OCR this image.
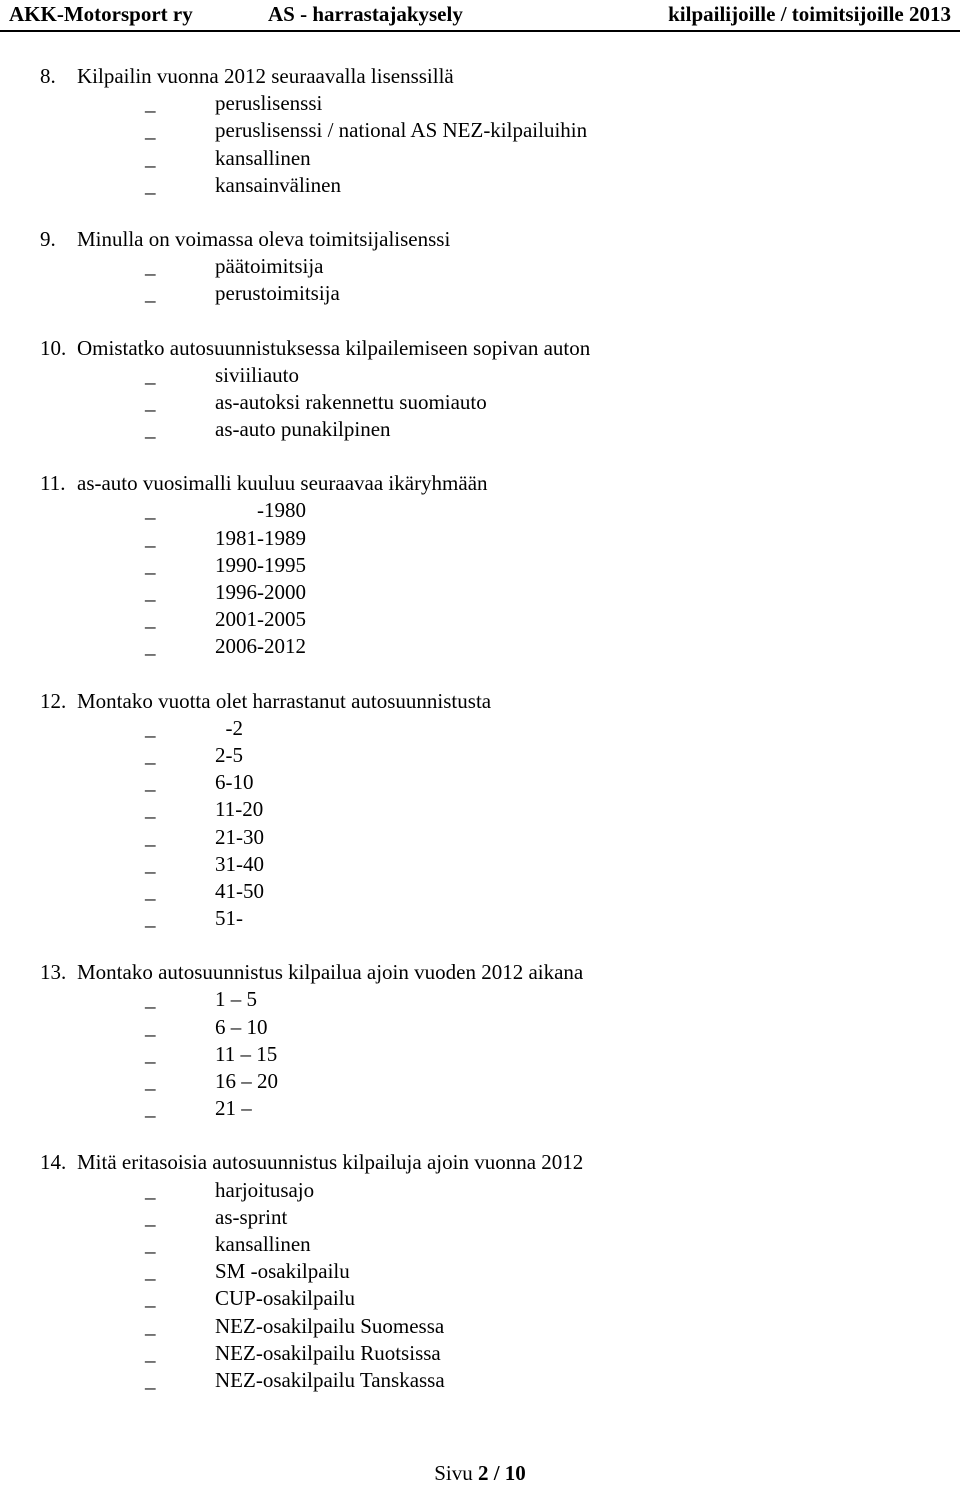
AKK-Motorsport ry	AS - harrastajakysely	kilpailijoille / toimitsijoille 2013
8. Kilpailin vuonna 2012 seuraavalla lisenssillä
_	peruslisenssi
_	peruslisenssi / national AS NEZ-kilpailuihin
_	kansallinen
_	kansainvälinen
9. Minulla on voimassa oleva toimitsijalisenssi
_	päätoimitsija
_	perustoimitsija
10. Omistatko autosuunnistuksessa kilpailemiseen sopivan auton
_	siviiliauto
_	as-autoksi rakennettu suomiauto
_	as-auto punakilpinen
11. as-auto vuosimalli kuuluu seuraavaa ikäryhmään
_	-1980
_	1981-1989
_	1990-1995
_	1996-2000
_	2001-2005
_	2006-2012
12. Montako vuotta olet harrastanut autosuunnistusta
_	-2
_	2-5
_	6-10
_	11-20
_	21-30
_	31-40
_	41-50
_	51-
13. Montako autosuunnistus kilpailua ajoin vuoden 2012 aikana
_	1 – 5
_	6 – 10
_	11 – 15
_	16 – 20
_	21 –
14. Mitä eritasoisia autosuunnistus kilpailuja ajoin vuonna 2012
_	harjoitusajo
_	as-sprint
_	kansallinen
_	SM -osakilpailu
_	CUP-osakilpailu
_	NEZ-osakilpailu Suomessa
_	NEZ-osakilpailu Ruotsissa
_	NEZ-osakilpailu Tanskassa
Sivu 2 / 10
